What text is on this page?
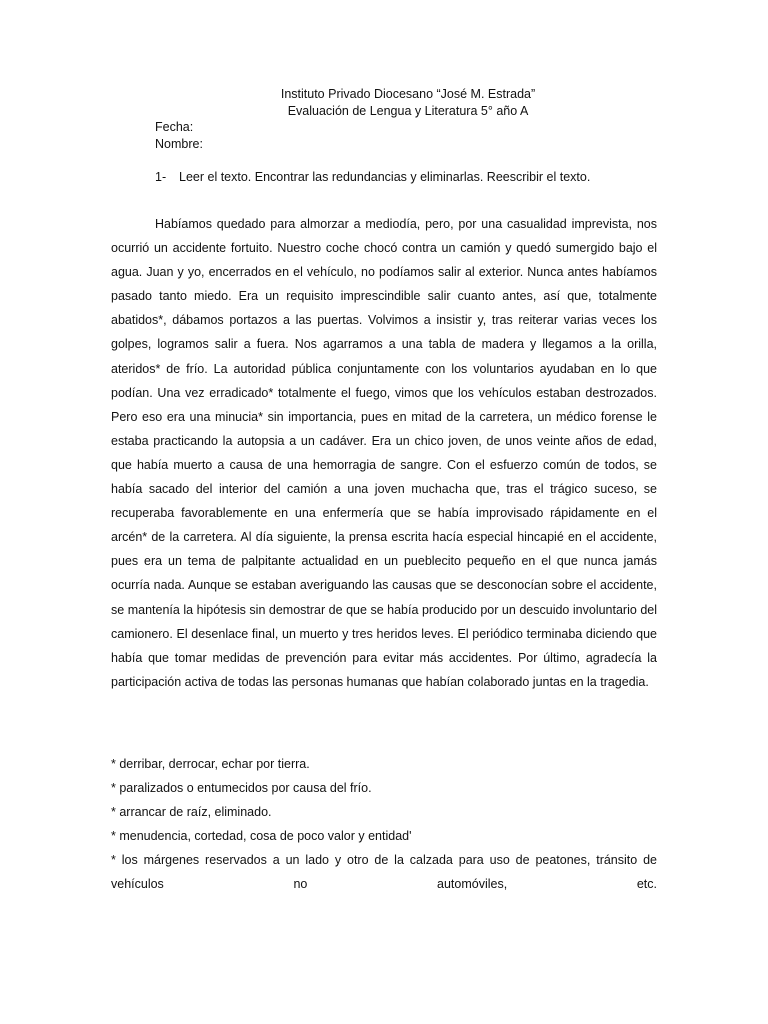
Instituto Privado Diocesano “José M. Estrada”
Evaluación de Lengua y Literatura 5° año A
Fecha:
Nombre:
1- Leer el texto. Encontrar las redundancias y eliminarlas. Reescribir el texto.

Habíamos quedado para almorzar a mediodía, pero, por una casualidad imprevista, nos ocurrió un accidente fortuito. Nuestro coche chocó contra un camión y quedó sumergido bajo el agua. Juan y yo, encerrados en el vehículo, no podíamos salir al exterior. Nunca antes habíamos pasado tanto miedo. Era un requisito imprescindible salir cuanto antes, así que, totalmente abatidos*, dábamos portazos a las puertas. Volvimos a insistir y, tras reiterar varias veces los golpes, logramos salir a fuera. Nos agarramos a una tabla de madera y llegamos a la orilla, ateridos* de frío. La autoridad pública conjuntamente con los voluntarios ayudaban en lo que podían. Una vez erradicado* totalmente el fuego, vimos que los vehículos estaban destrozados. Pero eso era una minucia* sin importancia, pues en mitad de la carretera, un médico forense le estaba practicando la autopsia a un cadáver. Era un chico joven, de unos veinte años de edad, que había muerto a causa de una hemorragia de sangre. Con el esfuerzo común de todos, se había sacado del interior del camión a una joven muchacha que, tras el trágico suceso, se recuperaba favorablemente en una enfermería que se había improvisado rápidamente en el arcén* de la carretera. Al día siguiente, la prensa escrita hacía especial hincapié en el accidente, pues era un tema de palpitante actualidad en un pueblecito pequeño en el que nunca jamás ocurría nada. Aunque se estaban averiguando las causas que se desconocían sobre el accidente, se mantenía la hipótesis sin demostrar de que se había producido por un descuido involuntario del camionero. El desenlace final, un muerto y tres heridos leves. El periódico terminaba diciendo que había que tomar medidas de prevención para evitar más accidentes. Por último, agradecía la participación activa de todas las personas humanas que habían colaborado juntas en la tragedia.

* derribar, derrocar, echar por tierra.
* paralizados o entumecidos por causa del frío.
* arrancar de raíz, eliminado.
* menudencia, cortedad, cosa de poco valor y entidad'
* los márgenes reservados a un lado y otro de la calzada para uso de peatones, tránsito de vehículos no automóviles, etc.
